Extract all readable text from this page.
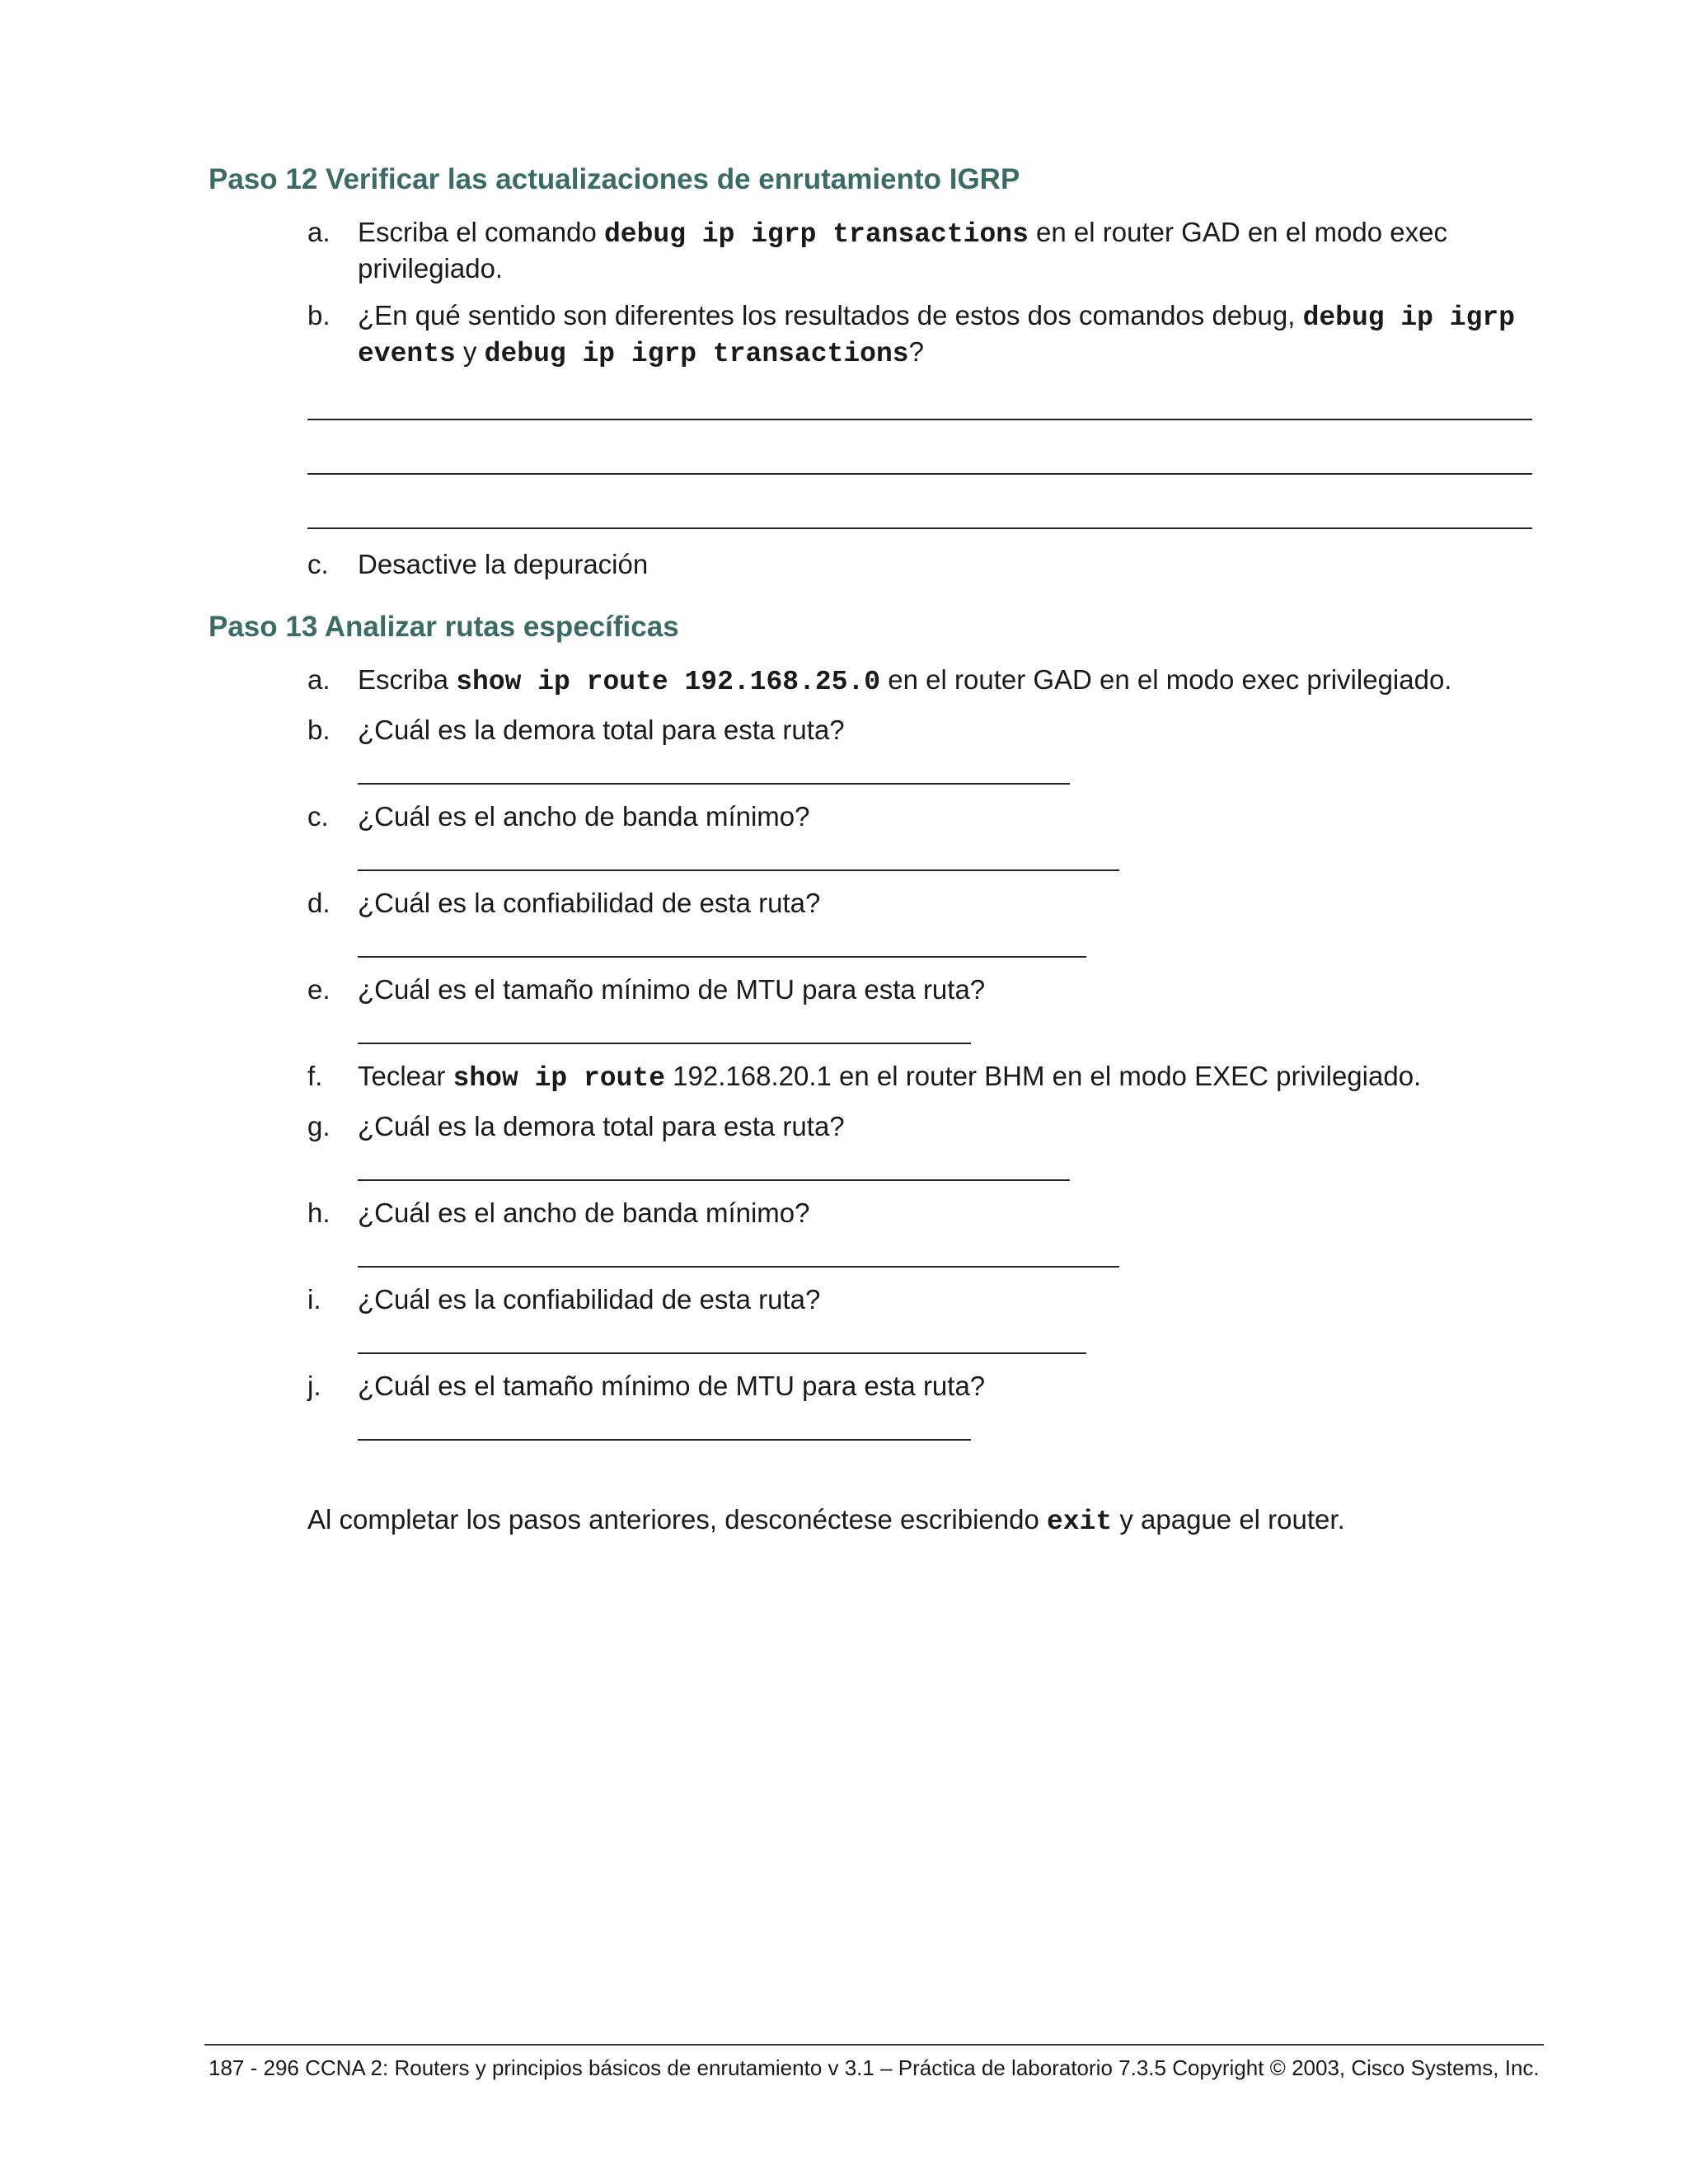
Paso 12 Verificar las actualizaciones de enrutamiento IGRP
a. Escriba el comando debug ip igrp transactions en el router GAD en el modo exec privilegiado.
b. ¿En qué sentido son diferentes los resultados de estos dos comandos debug, debug ip igrp events y debug ip igrp transactions?
c. Desactive la depuración
Paso 13 Analizar rutas específicas
a. Escriba show ip route 192.168.25.0 en el router GAD en el modo exec privilegiado.
b. ¿Cuál es la demora total para esta ruta?
c. ¿Cuál es el ancho de banda mínimo?
d. ¿Cuál es la confiabilidad de esta ruta?
e. ¿Cuál es el tamaño mínimo de MTU para esta ruta?
f. Teclear show ip route 192.168.20.1 en el router BHM en el modo EXEC privilegiado.
g. ¿Cuál es la demora total para esta ruta?
h. ¿Cuál es el ancho de banda mínimo?
i. ¿Cuál es la confiabilidad de esta ruta?
j. ¿Cuál es el tamaño mínimo de MTU para esta ruta?
Al completar los pasos anteriores, desconéctese escribiendo exit y apague el router.
187 - 296 CCNA 2: Routers y principios básicos de enrutamiento v 3.1 – Práctica de laboratorio 7.3.5 Copyright © 2003, Cisco Systems, Inc.
